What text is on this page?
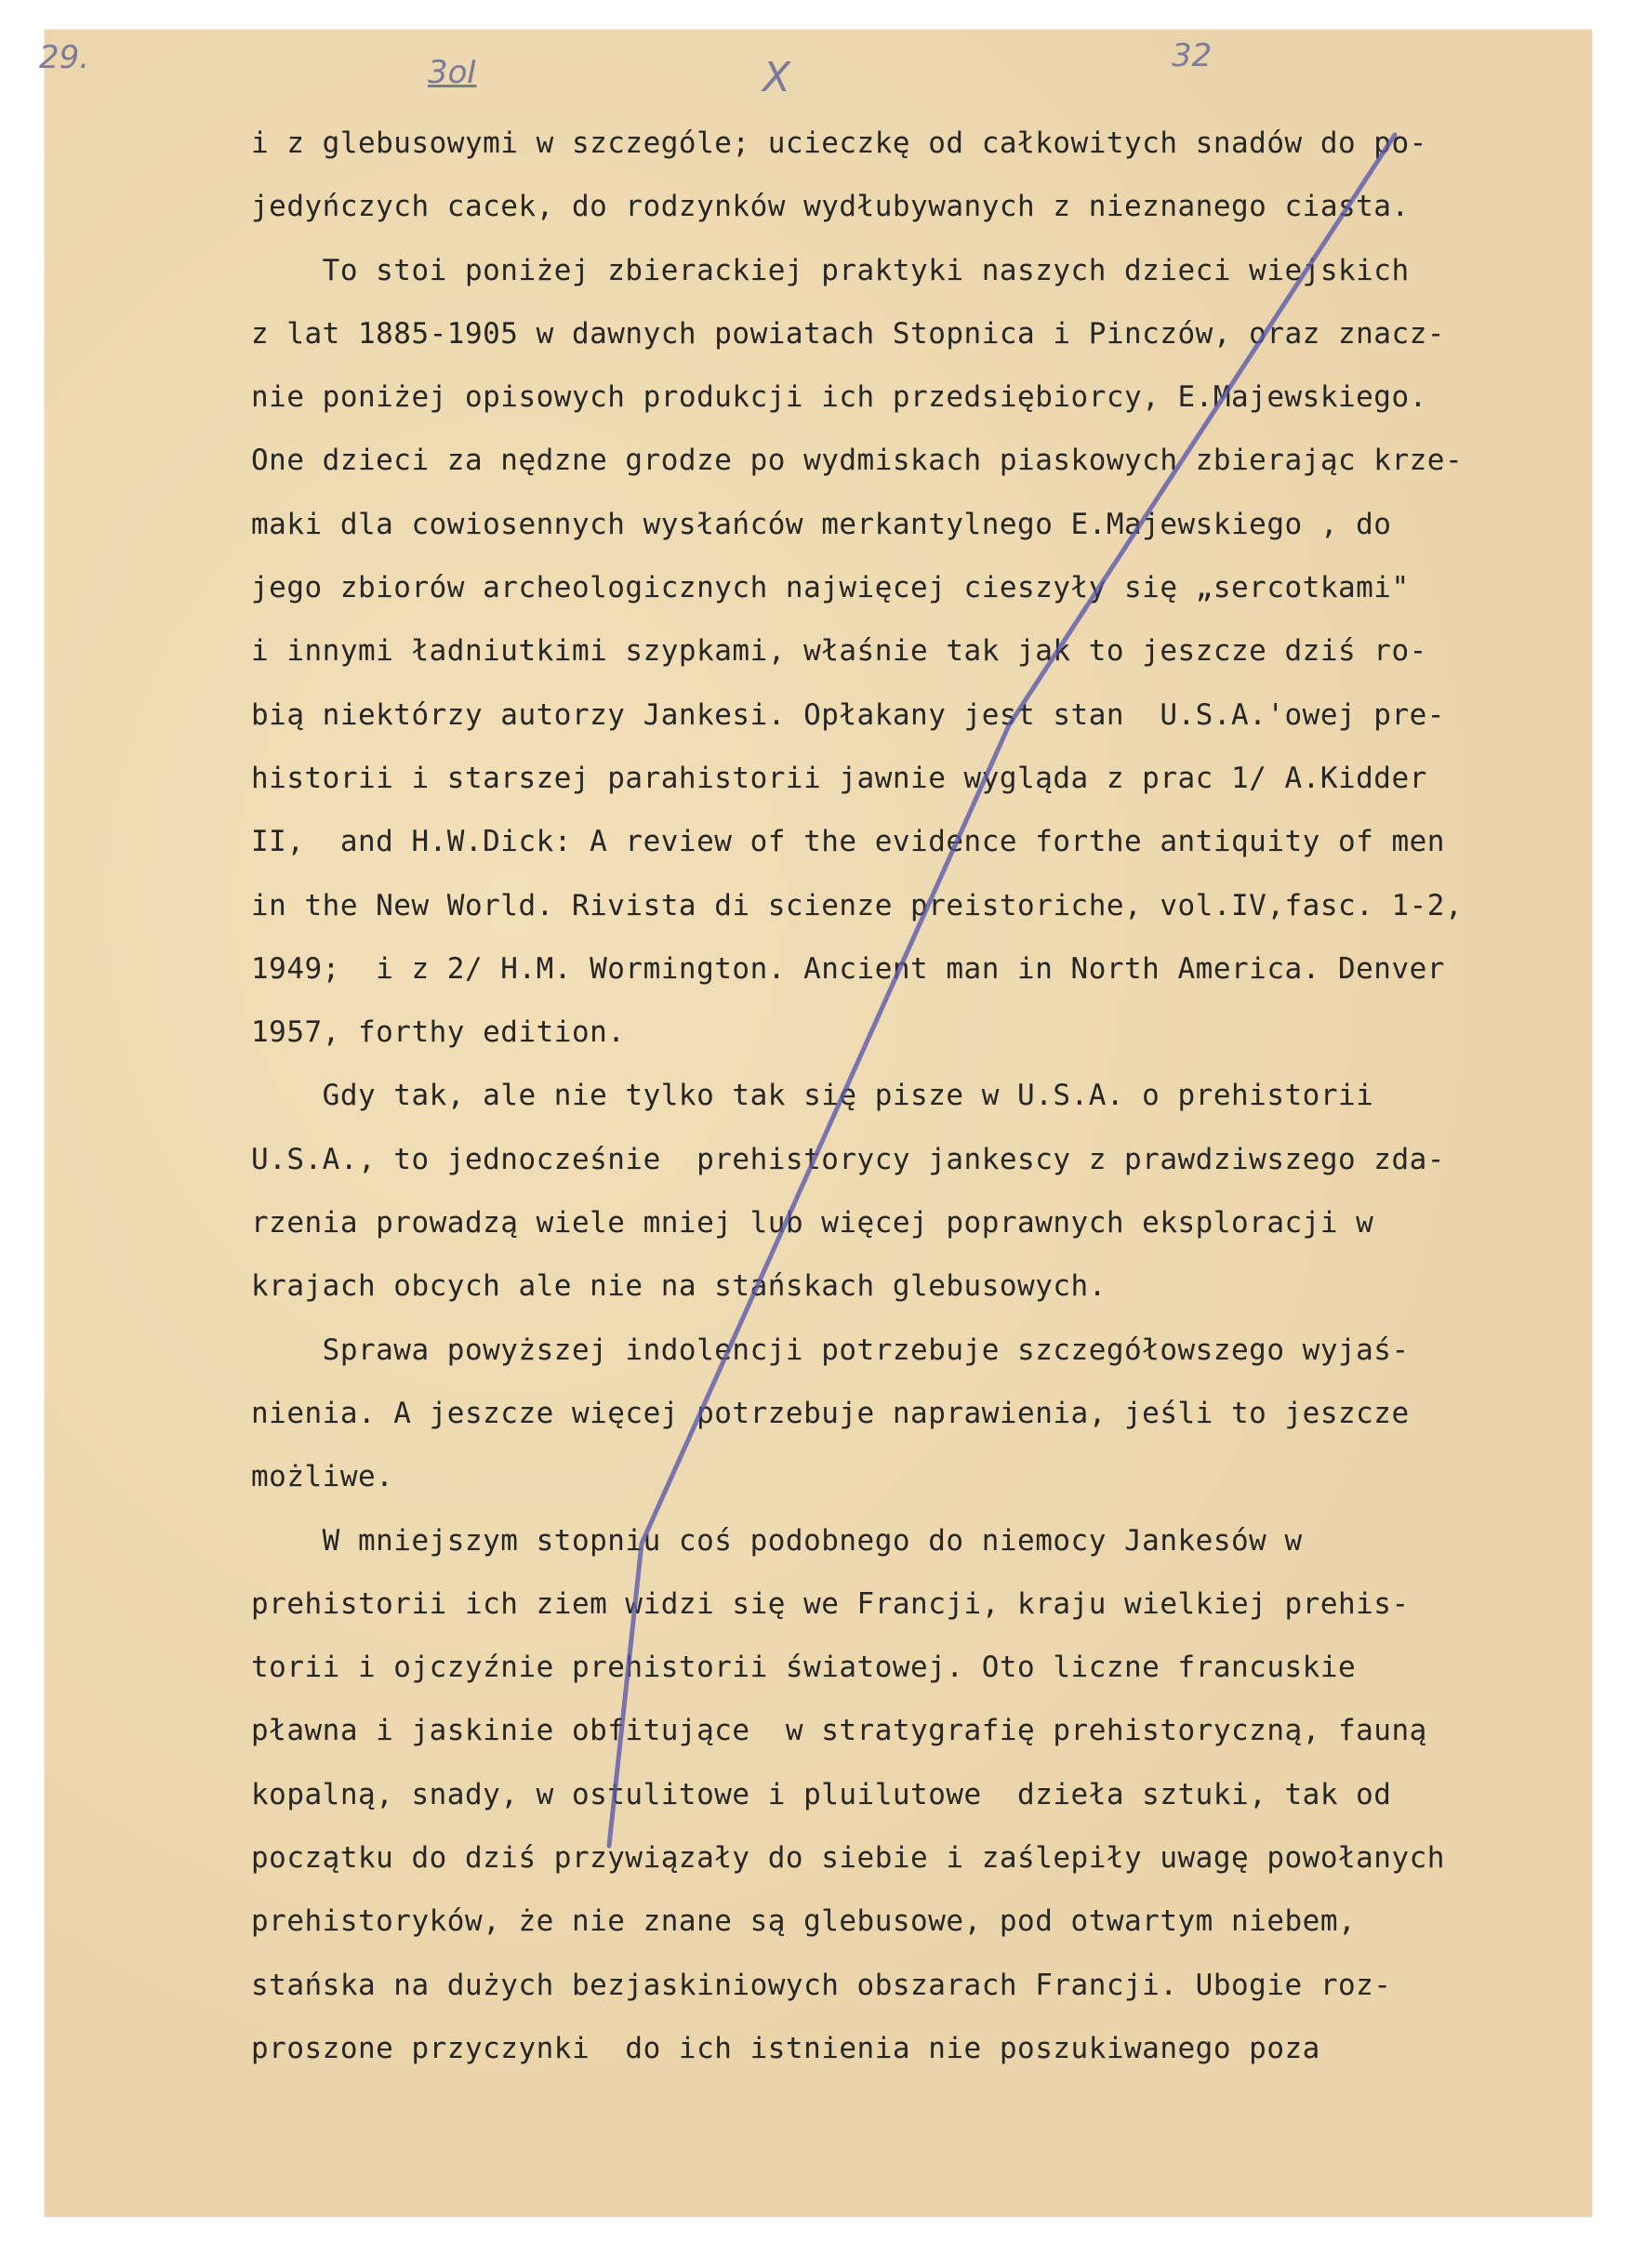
29.	3oI	X	32
i z glebusowymi w szczególe; ucieczkę od całkowitych snadów do po-
jedyńczych cacek, do rodzynków wydłubywanych z nieznanego ciasta.
To stoi poniżej zbierackiej praktyki naszych dzieci wiejskich
z lat 1885-1905 w dawnych powiatach Stopnica i Pinczów, oraz znacz-
nie poniżej opisowych produkcji ich przedsiębiorcy, E.Majewskiego.
One dzieci za nędzne grodze po wydmiskach piaskowych zbierając krze-
maki dla cowiosennych wysłańców merkantylnego E.Majewskiego , do
jego zbiorów archeologicznych najwięcej cieszyły się „sercotkami"
i innymi ładniutkimi szypkami, właśnie tak jak to jeszcze dziś ro-
bią niektórzy autorzy Jankesi. Opłakany jest stan  U.S.A.'owej pre-
historii i starszej parahistorii jawnie wygląda z prac 1/ A.Kidder
II,  and H.W.Dick: A review of the evidence forthe antiquity of men
in the New World. Rivista di scienze preistoriche, vol.IV,fasc. 1-2,
1949;  i z 2/ H.M. Wormington. Ancient man in North America. Denver
1957, forthy edition.
Gdy tak, ale nie tylko tak się pisze w U.S.A. o prehistorii
U.S.A., to jednocześnie  prehistorycy jankescy z prawdziwszego zda-
rzenia prowadzą wiele mniej lub więcej poprawnych eksploracji w
krajach obcych ale nie na stańskach glebusowych.
Sprawa powyższej indolencji potrzebuje szczegółowszego wyjaś-
nienia. A jeszcze więcej potrzebuje naprawienia, jeśli to jeszcze
możliwe.
W mniejszym stopniu coś podobnego do niemocy Jankesów w
prehistorii ich ziem widzi się we Francji, kraju wielkiej prehis-
torii i ojczyźnie prehistorii światowej. Oto liczne francuskie
pławna i jaskinie obfitujące  w stratygrafię prehistoryczną, fauną
kopalną, snady, w ostulitowe i pluilutowe  dzieła sztuki, tak od
początku do dziś przywiązały do siebie i zaślepiły uwagę powołanych
prehistoryków, że nie znane są glebusowe, pod otwartym niebem,
stańska na dużych bezjaskiniowych obszarach Francji. Ubogie roz-
proszone przyczynki  do ich istnienia nie poszukiwanego poza
